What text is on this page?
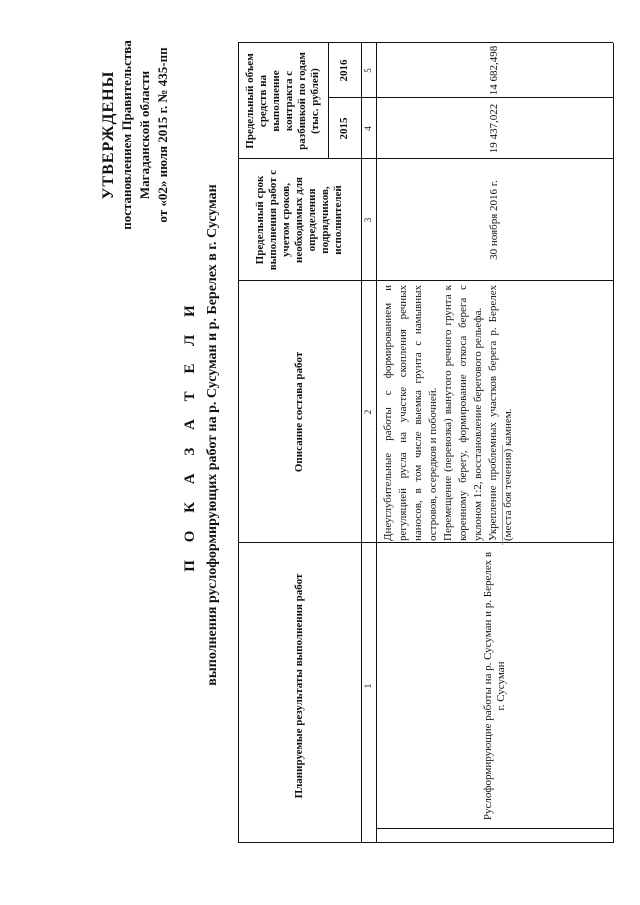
УТВЕРЖДЕНЫ постановлением Правительства Магаданской области от «02» июля 2015 г. № 435-пп
П О К А З А Т Е Л И выполнения руслоформирующих работ на р. Сусуман и р. Берелех в г. Сусуман
Планируемые результаты выполнения работ
Описание состава работ
Предельный срок выполнения работ с учетом сроков, необходимых для определения подрядчиков, исполнителей
Предельный объем средств на выполнение контракта с разбивкой по годам (тыс. рублей)	2015
2016
1
2
3
4
5
Руслоформирующие работы на р. Сусуман и р. Берелех в г. Сусуман
30 ноября 2016 г.
19 437,022
14 682,498

Днеуглубительные работы с формированием и регуляцией русла на участке скопления речных наносов, в том числе выемка грунта с намывных островов, осередков и побочней. Перемещение (перевозка) вынутого речного грунта к коренному берегу, формирование откоса берега с уклоном 1:2, восстановление берегового рельефа. Укрепление проблемных участков берега р. Берелех (места боя течения) камнем.
